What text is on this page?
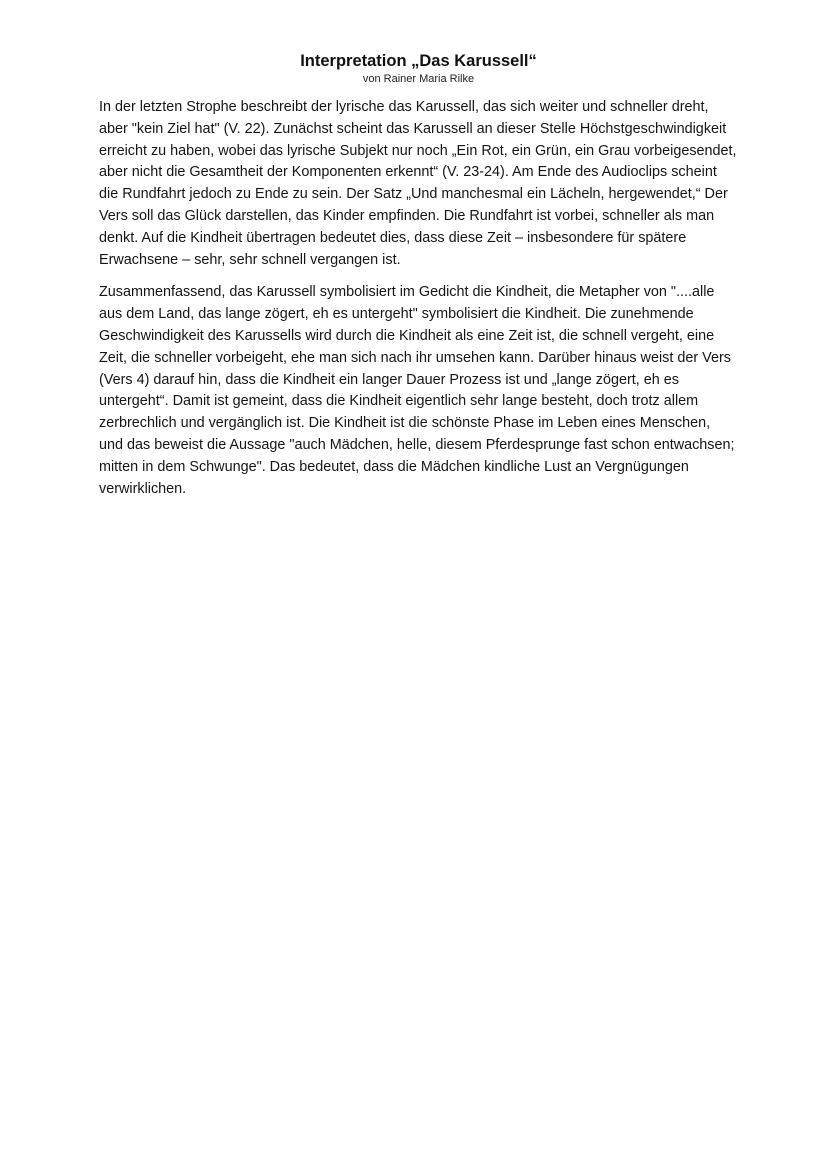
Interpretation „Das Karussell“
von Rainer Maria Rilke

In der letzten Strophe beschreibt der lyrische das Karussell, das sich weiter und schneller dreht, aber "kein Ziel hat" (V. 22). Zunächst scheint das Karussell an dieser Stelle Höchstgeschwindigkeit erreicht zu haben, wobei das lyrische Subjekt nur noch „Ein Rot, ein Grün, ein Grau vorbeigesendet, aber nicht die Gesamtheit der Komponenten erkennt“ (V. 23-24). Am Ende des Audioclips scheint die Rundfahrt jedoch zu Ende zu sein. Der Satz „Und manchesmal ein Lächeln, hergewendet,“ Der Vers soll das Glück darstellen, das Kinder empfinden. Die Rundfahrt ist vorbei, schneller als man denkt. Auf die Kindheit übertragen bedeutet dies, dass diese Zeit – insbesondere für spätere Erwachsene – sehr, sehr schnell vergangen ist.

Zusammenfassend, das Karussell symbolisiert im Gedicht die Kindheit, die Metapher von "....alle aus dem Land, das lange zögert, eh es untergeht" symbolisiert die Kindheit. Die zunehmende Geschwindigkeit des Karussells wird durch die Kindheit als eine Zeit ist, die schnell vergeht, eine Zeit, die schneller vorbeigeht, ehe man sich nach ihr umsehen kann. Darüber hinaus weist der Vers (Vers 4) darauf hin, dass die Kindheit ein langer Dauer Prozess ist und „lange zögert, eh es untergeht“. Damit ist gemeint, dass die Kindheit eigentlich sehr lange besteht, doch trotz allem zerbrechlich und vergänglich ist. Die Kindheit ist die schönste Phase im Leben eines Menschen, und das beweist die Aussage "auch Mädchen, helle, diesem Pferdesprunge fast schon entwachsen; mitten in dem Schwunge". Das bedeutet, dass die Mädchen kindliche Lust an Vergnügungen verwirklichen.
